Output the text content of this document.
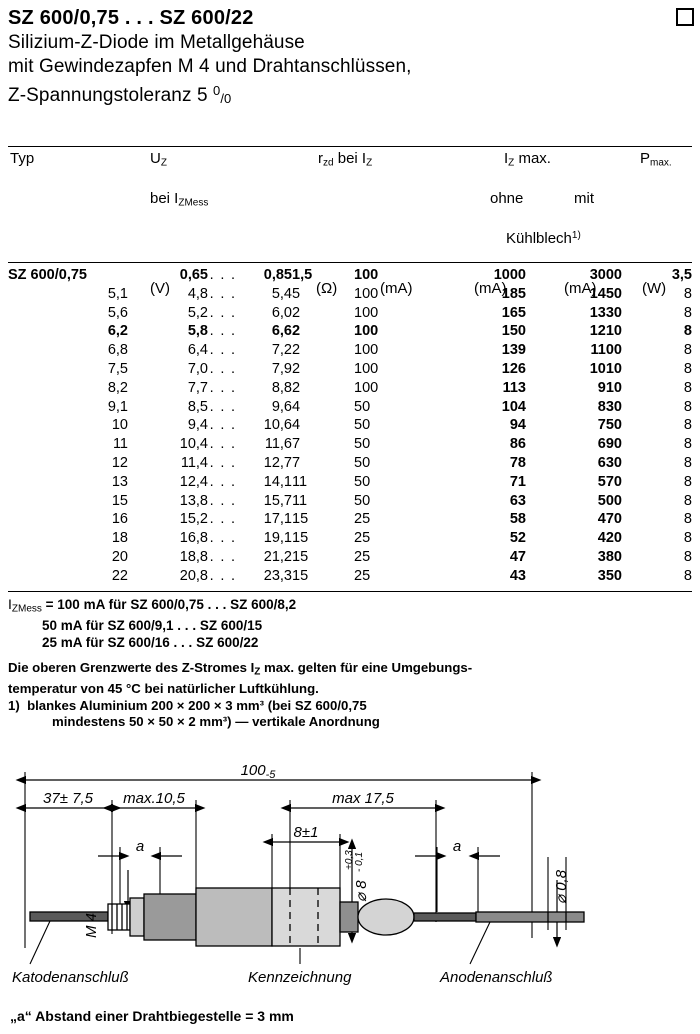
SZ 600/0,75 . . . SZ 600/22
Silizium-Z-Diode im Metallgehäuse
mit Gewindezapfen M 4 und Drahtanschlüssen,
Z-Spannungstoleranz 5 $^0$/0
Typ	$U_Z$	$r_{zd}$ bei $I_Z$	$I_Z$ max.	$P_{max.}$
bei $I_{ZMess}$	ohne	mit
Kühlblech$^{1)}$
(V)	(Ω)	(mA)	(mA)	(mA)	(W)
SZ 600/0,75	0,65	. . .	0,85	1,5	100	1000	3000	3,5
5,1	4,8	. . .	5,4	5	100	185	1450	8
5,6	5,2	. . .	6,0	2	100	165	1330	8
6,2	5,8	. . .	6,6	2	100	150	1210	8
6,8	6,4	. . .	7,2	2	100	139	1100	8
7,5	7,0	. . .	7,9	2	100	126	1010	8
8,2	7,7	. . .	8,8	2	100	113	910	8
9,1	8,5	. . .	9,6	4	50	104	830	8
10	9,4	. . .	10,6	4	50	94	750	8
11	10,4	. . .	11,6	7	50	86	690	8
12	11,4	. . .	12,7	7	50	78	630	8
13	12,4	. . .	14,1	11	50	71	570	8
15	13,8	. . .	15,7	11	50	63	500	8
16	15,2	. . .	17,1	15	25	58	470	8
18	16,8	. . .	19,1	15	25	52	420	8
20	18,8	. . .	21,2	15	25	47	380	8
22	20,8	. . .	23,3	15	25	43	350	8
$I_{ZMess} = 100$ mA für SZ 600/0,75 . . . SZ 600/8,2
50 mA für SZ 600/9,1 . . . SZ 600/15
25 mA für SZ 600/16 . . . SZ 600/22
Die oberen Grenzwerte des Z-Stromes $I_Z$ max. gelten für eine Umgebungs-
temperatur von 45 °C bei natürlicher Luftkühlung.
1) blankes Aluminium 200 × 200 × 3 mm³ (bei SZ 600/0,75
mindestens 50 × 50 × 2 mm³) — vertikale Anordnung
$100_{-5}$
37± 7,5 max.10,5	max 17,5
8±1
a	a
M 4
⌀ 8
+0,3 - 0,1
⌀ 0,8
Katodenanschluß	Kennzeichnung	Anodenanschluß
„a“ Abstand einer Drahtbiegestelle = 3 mm
